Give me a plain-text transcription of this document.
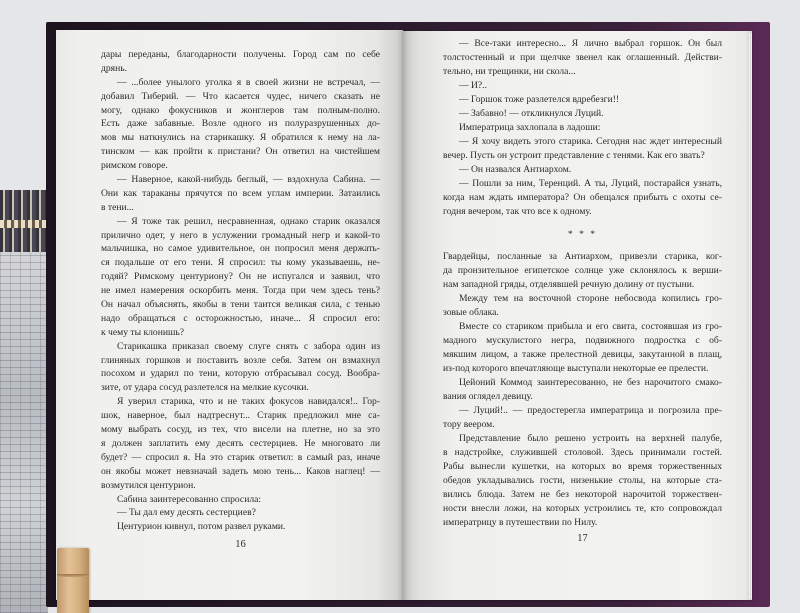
дары переданы, благодарности получены. Город сам по себе
дрянь.
— ...более унылого уголка я в своей жизни не встречал, —
добавил Тиберий. — Что касается чудес, ничего сказать не
могу, однако фокусников и жонглеров там полным-полно.
Есть даже забавные. Возле одного из полуразрушенных до-
мов мы наткнулись на старикашку. Я обратился к нему на ла-
тинском — как пройти к пристани? Он ответил на чистейшем
римском говоре.
— Наверное, какой-нибудь беглый, — вздохнула Сабина. —
Они как тараканы прячутся по всем углам империи. Затаились
в тени...
— Я тоже так решил, несравненная, однако старик оказался
прилично одет, у него в услужении громадный негр и какой-то
мальчишка, но самое удивительное, он попросил меня держать-
ся подальше от его тени. Я спросил: ты кому указываешь, не-
годяй? Римскому центуриону? Он не испугался и заявил, что
не имел намерения оскорбить меня. Тогда при чем здесь тень?
Он начал объяснять, якобы в тени таится великая сила, с тенью
надо обращаться с осторожностью, иначе... Я спросил его:
к чему ты клонишь?
Старикашка приказал своему слуге снять с забора один из
глиняных горшков и поставить возле себя. Затем он взмахнул
посохом и ударил по тени, которую отбрасывал сосуд. Вообра-
зите, от удара сосуд разлетелся на мелкие кусочки.
Я уверил старика, что и не таких фокусов навидался!.. Гор-
шок, наверное, был надтреснут... Старик предложил мне са-
мому выбрать сосуд, из тех, что висели на плетне, но за это
я должен заплатить ему десять сестерциев. Не многовато ли
будет? — спросил я. На это старик ответил: в самый раз, иначе
он якобы может невзначай задеть мою тень... Каков наглец! —
возмутился центурион.
Сабина заинтересованно спросила:
— Ты дал ему десять сестерциев?
Центурион кивнул, потом развел руками.
16
— Все-таки интересно... Я лично выбрал горшок. Он был
толстостенный и при щелчке звенел как оглашенный. Действи-
тельно, ни трещинки, ни скола...
— И?..
— Горшок тоже разлетелся вдребезги!!
— Забавно! — откликнулся Луций.
Императрица захлопала в ладоши:
— Я хочу видеть этого старика. Сегодня нас ждет интересный
вечер. Пусть он устроит представление с тенями. Как его звать?
— Он назвался Антиархом.
— Пошли за ним, Теренций. А ты, Луций, постарайся узнать,
когда нам ждать императора? Он обещался прибыть с охоты се-
годня вечером, так что все к одному.
* * *
Гвардейцы, посланные за Антиархом, привезли старика, ког-
да пронзительное египетское солнце уже склонялось к верши-
нам западной гряды, отделявшей речную долину от пустыни.
Между тем на восточной стороне небосвода копились гро-
зовые облака.
Вместе со стариком прибыла и его свита, состоявшая из гро-
мадного мускулистого негра, подвижного подростка с об-
мякшим лицом, а также прелестной девицы, закутанной в плащ,
из-под которого впечатляюще выступали некоторые ее прелести.
Цейоний Коммод заинтересованно, не без нарочитого смако-
вания оглядел девицу.
— Луций!.. — предостерегла императрица и погрозила пре-
тору веером.
Представление было решено устроить на верхней палубе,
в надстройке, служившей столовой. Здесь принимали гостей.
Рабы вынесли кушетки, на которых во время торжественных
обедов укладывались гости, низенькие столы, на которые ста-
вились блюда. Затем не без некоторой нарочитой торжествен-
ности внесли ложи, на которых устроились те, кто сопровождал
императрицу в путешествии по Нилу.
17
